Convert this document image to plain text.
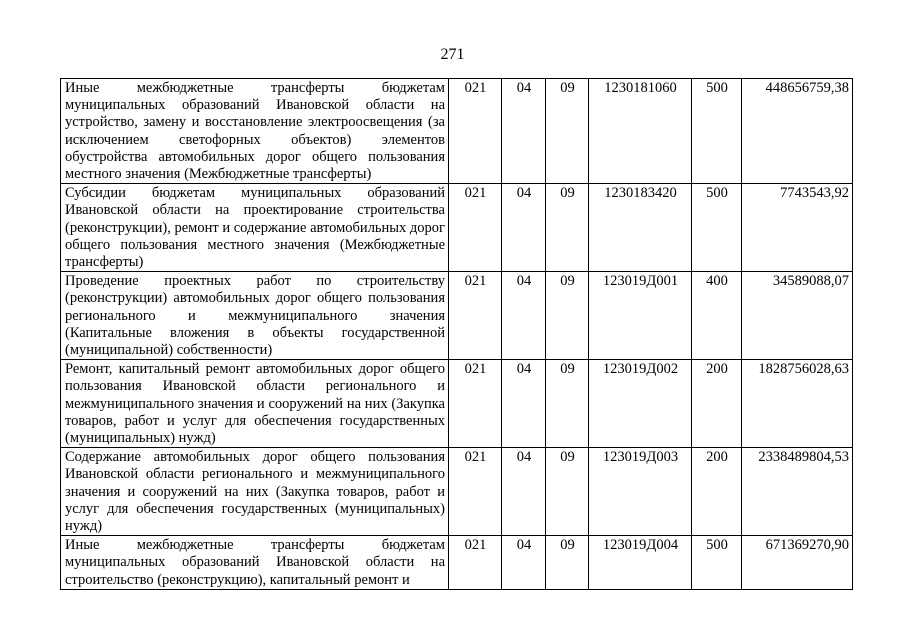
271
Иные межбюджетные трансферты бюджетам муниципальных образований Ивановской области на устройство, замену и восстановление электроосвещения (за исключением светофорных объектов) элементов обустройства автомобильных дорог общего пользования местного значения (Межбюджетные трансферты)	021	04	09	1230181060	500	448656759,38
Субсидии бюджетам муниципальных образований Ивановской области на проектирование строительства (реконструкции), ремонт и содержание автомобильных дорог общего пользования местного значения (Межбюджетные трансферты)	021	04	09	1230183420	500	7743543,92
Проведение проектных работ по строительству (реконструкции) автомобильных дорог общего пользования регионального и межмуниципального значения (Капитальные вложения в объекты государственной (муниципальной) собственности)	021	04	09	123019Д001	400	34589088,07
Ремонт, капитальный ремонт автомобильных дорог общего пользования Ивановской области регионального и межмуниципального значения и сооружений на них (Закупка товаров, работ и услуг для обеспечения государственных (муниципальных) нужд)	021	04	09	123019Д002	200	1828756028,63
Содержание автомобильных дорог общего пользования Ивановской области регионального и межмуниципального значения и сооружений на них (Закупка товаров, работ и услуг для обеспечения государственных (муниципальных) нужд)	021	04	09	123019Д003	200	2338489804,53
Иные межбюджетные трансферты бюджетам муниципальных образований Ивановской области на строительство (реконструкцию), капитальный ремонт и	021	04	09	123019Д004	500	671369270,90
